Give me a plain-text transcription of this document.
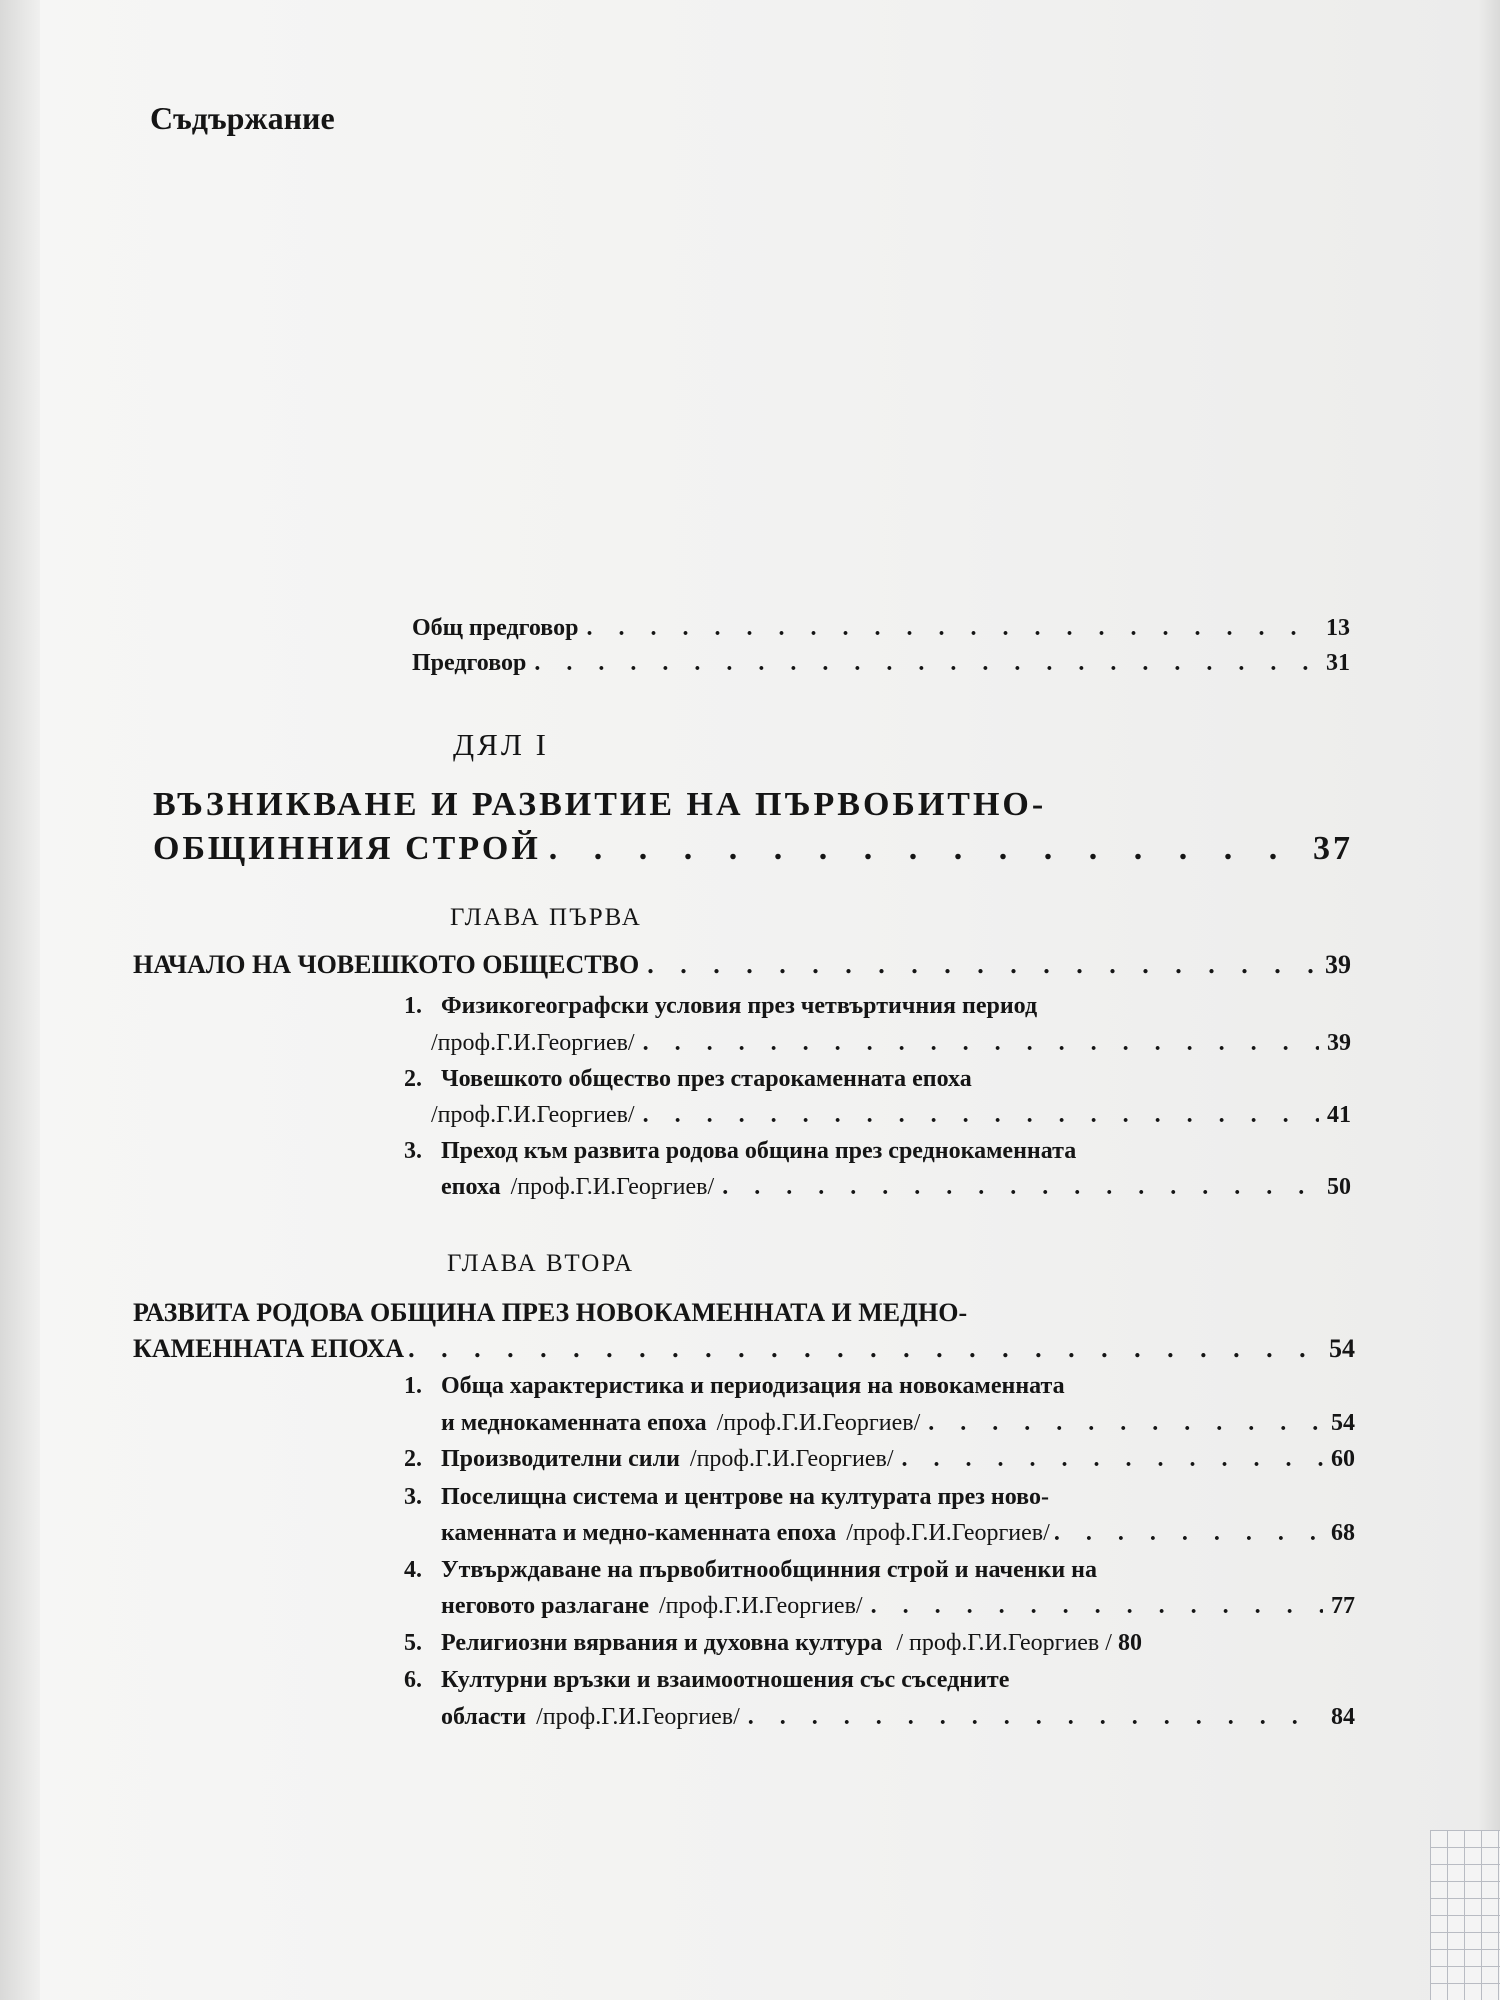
Съдържание
Общ предговор . . .	13
Предговор . . .	31
ДЯЛ I
ВЪЗНИКВАНЕ И РАЗВИТИЕ НА ПЪРВОБИТНО-
ОБЩИННИЯ СТРОЙ . . .	37
ГЛАВА ПЪРВА
НАЧАЛО НА ЧОВЕШКОТО ОБЩЕСТВО . . .	39
1. Физикогеографски условия през четвъртичния период
/проф.Г.И.Георгиев/ . . .	39
2. Човешкото общество през старокаменната епоха
/проф.Г.И.Георгиев/ . . .	41
3. Преход към развита родова община през среднокаменната
епоха /проф.Г.И.Георгиев/ . . .	50
ГЛАВА ВТОРА
РАЗВИТА РОДОВА ОБЩИНА ПРЕЗ НОВОКАМЕННАТА И МЕДНО-
КАМЕННАТА ЕПОХА . . .	54
1. Обща характеристика и периодизация на новокаменната
и меднокаменната епоха /проф.Г.И.Георгиев/ . . .	54
2. Производителни сили /проф.Г.И.Георгиев/ . . .	60
3. Поселищна система и центрове на културата през ново-
каменната и медно-каменната епоха /проф.Г.И.Георгиев/ . . .	68
4. Утвърждаване на първобитнообщинния строй и наченки на
неговото разлагане /проф.Г.И.Георгиев/ . . .	77
5. Религиозни вярвания и духовна култура / проф.Г.И.Георгиев / 80
6. Културни връзки и взаимоотношения със съседните
области /проф.Г.И.Георгиев/ . . .	84
